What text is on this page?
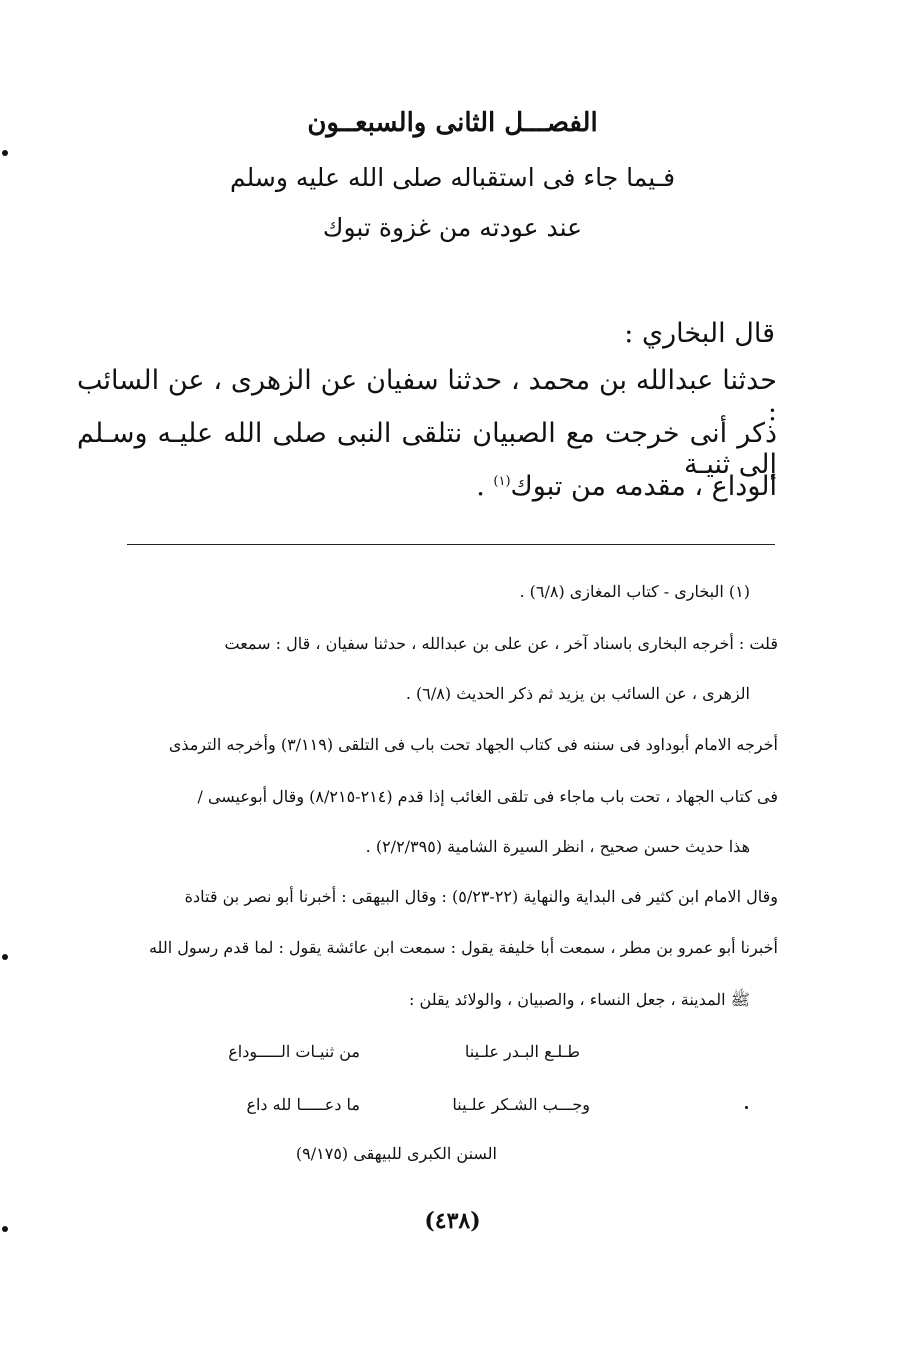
الفصـــل الثانى والسبعــون
فـيما جاء فى استقباله صلى الله عليه وسلم
عند عودته من غزوة تبوك
قال البخاري :
حدثنا عبدالله بن محمد ، حدثنا سفيان عن الزهرى ، عن السائب :
ذكر أنى خرجت مع الصبيان نتلقى النبى صلى الله عليـه وسـلم إلى ثنيـة
الوداع ، مقدمه من تبوك$^{(١)}$ .
(١) البخارى - كتاب المغازى (٦/٨) .
قلت : أخرجه البخارى باسناد آخر ، عن على بن عبدالله ، حدثنا سفيان ، قال : سمعت
الزهرى ، عن السائب بن يزيد ثم ذكر الحديث (٦/٨) .
أخرجه الامام أبوداود فى سننه فى كتاب الجهاد تحت باب فى التلقى (٣/١١٩) وأخرجه الترمذى
فى كتاب الجهاد ، تحت باب ماجاء فى تلقى الغائب إذا قدم (٢١٤-٨/٢١٥) وقال أبوعيسى /
هذا حديث حسن صحيح ، انظر السيرة الشامية (٢/٢/٣٩٥) .
وقال الامام ابن كثير فى البداية والنهاية (٢٢-٥/٢٣) : وقال البيهقى : أخبرنا أبو نصر بن قتادة
أخبرنا أبو عمرو بن مطر ، سمعت أبا خليفة يقول : سمعت ابن عائشة يقول : لما قدم رسول الله
ﷺ المدينة ، جعل النساء ، والصبيان ، والولائد يقلن :
طـلـع البـدر علـينا
من ثنيـات الـــــوداع
وجـــب الشـكر علـينا
ما دعـــــا لله داع
السنن الكبرى للبيهقى (٩/١٧٥)
(٤٣٨)
